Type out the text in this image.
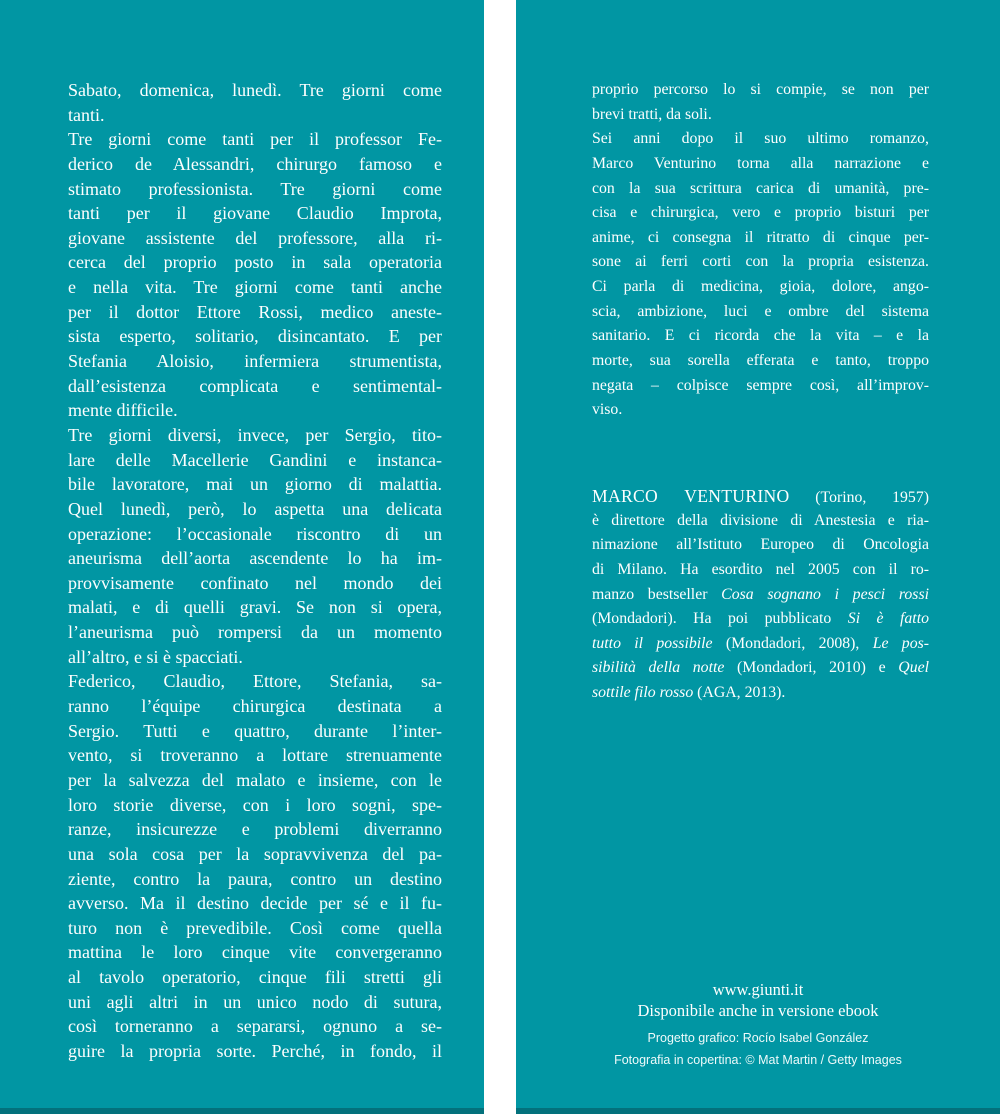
Sabato, domenica, lunedì. Tre giorni come
tanti.
Tre giorni come tanti per il professor Fe-
derico de Alessandri, chirurgo famoso e
stimato professionista. Tre giorni come
tanti per il giovane Claudio Improta,
giovane assistente del professore, alla ri-
cerca del proprio posto in sala operatoria
e nella vita. Tre giorni come tanti anche
per il dottor Ettore Rossi, medico aneste-
sista esperto, solitario, disincantato. E per
Stefania Aloisio, infermiera strumentista,
dall’esistenza complicata e sentimental-
mente difficile.
Tre giorni diversi, invece, per Sergio, tito-
lare delle Macellerie Gandini e instanca-
bile lavoratore, mai un giorno di malattia.
Quel lunedì, però, lo aspetta una delicata
operazione: l’occasionale riscontro di un
aneurisma dell’aorta ascendente lo ha im-
provvisamente confinato nel mondo dei
malati, e di quelli gravi. Se non si opera,
l’aneurisma può rompersi da un momento
all’altro, e si è spacciati.
Federico, Claudio, Ettore, Stefania, sa-
ranno l’équipe chirurgica destinata a
Sergio. Tutti e quattro, durante l’inter-
vento, si troveranno a lottare strenuamente
per la salvezza del malato e insieme, con le
loro storie diverse, con i loro sogni, spe-
ranze, insicurezze e problemi diverranno
una sola cosa per la sopravvivenza del pa-
ziente, contro la paura, contro un destino
avverso. Ma il destino decide per sé e il fu-
turo non è prevedibile. Così come quella
mattina le loro cinque vite convergeranno
al tavolo operatorio, cinque fili stretti gli
uni agli altri in un unico nodo di sutura,
così torneranno a separarsi, ognuno a se-
guire la propria sorte. Perché, in fondo, il
proprio percorso lo si compie, se non per
brevi tratti, da soli.
Sei anni dopo il suo ultimo romanzo,
Marco Venturino torna alla narrazione e
con la sua scrittura carica di umanità, pre-
cisa e chirurgica, vero e proprio bisturi per
anime, ci consegna il ritratto di cinque per-
sone ai ferri corti con la propria esistenza.
Ci parla di medicina, gioia, dolore, ango-
scia, ambizione, luci e ombre del sistema
sanitario. E ci ricorda che la vita – e la
morte, sua sorella efferata e tanto, troppo
negata – colpisce sempre così, all’improv-
viso.
MARCO VENTURINO (Torino, 1957)
è direttore della divisione di Anestesia e ria-
nimazione all’Istituto Europeo di Oncologia
di Milano. Ha esordito nel 2005 con il ro-
manzo bestseller Cosa sognano i pesci rossi
(Mondadori). Ha poi pubblicato Si è fatto
tutto il possibile (Mondadori, 2008), Le pos-
sibilità della notte (Mondadori, 2010) e Quel
sottile filo rosso (AGA, 2013).
www.giunti.it
Disponibile anche in versione ebook
Progetto grafico: Rocío Isabel González
Fotografia in copertina: © Mat Martin / Getty Images
